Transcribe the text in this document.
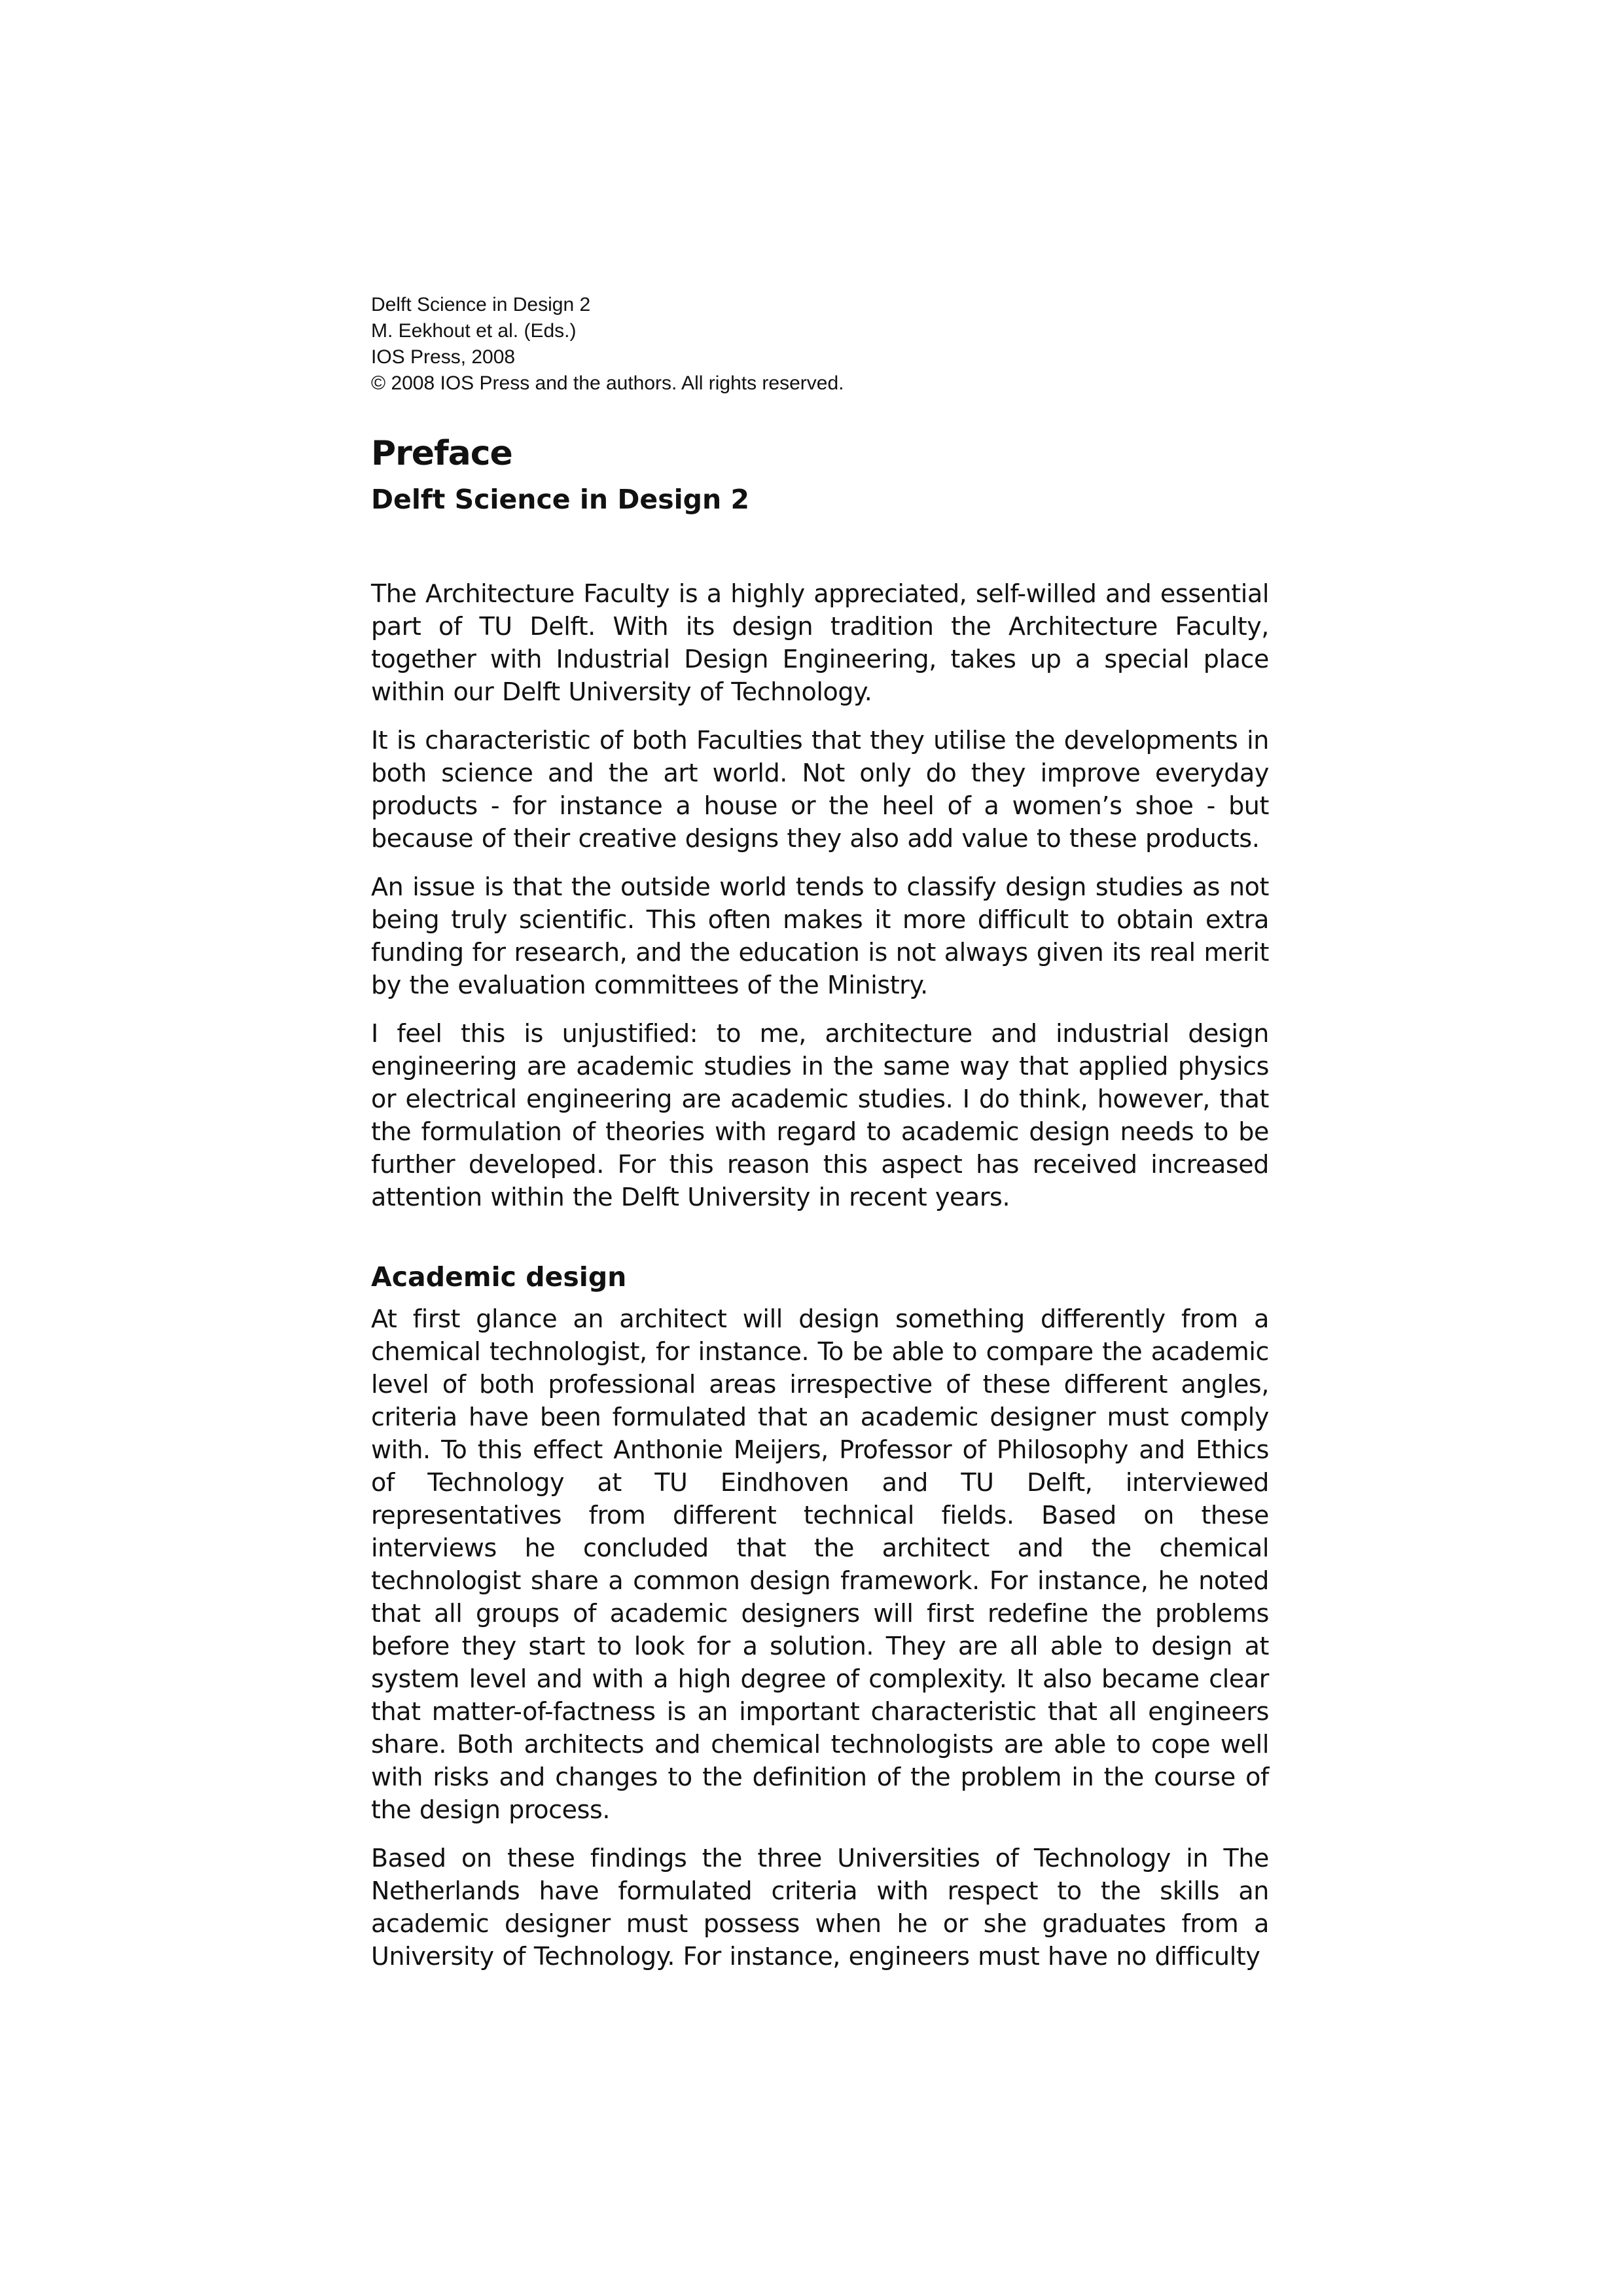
Delft Science in Design 2
M. Eekhout et al. (Eds.)
IOS Press, 2008
© 2008 IOS Press and the authors. All rights reserved.
Preface
Delft Science in Design 2

The Architecture Faculty is a highly appreciated, self-willed and essential part of TU Delft. With its design tradition the Architecture Faculty, together with Industrial Design Engineering, takes up a special place within our Delft University of Technology.

It is characteristic of both Faculties that they utilise the developments in both science and the art world. Not only do they improve everyday products - for instance a house or the heel of a women’s shoe - but because of their creative designs they also add value to these products.

An issue is that the outside world tends to classify design studies as not being truly scientific. This often makes it more difficult to obtain extra funding for research, and the education is not always given its real merit by the evaluation committees of the Ministry.

I feel this is unjustified: to me, architecture and industrial design engineering are academic studies in the same way that applied physics or electrical engineering are academic studies. I do think, however, that the formulation of theories with regard to academic design needs to be further developed. For this reason this aspect has received increased attention within the Delft University in recent years.

Academic design

At first glance an architect will design something differently from a chemical technologist, for instance. To be able to compare the academic level of both professional areas irrespective of these different angles, criteria have been formulated that an academic designer must comply with. To this effect Anthonie Meijers, Professor of Philosophy and Ethics of Technology at TU Eindhoven and TU Delft, interviewed representatives from different technical fields. Based on these interviews he concluded that the architect and the chemical technologist share a common design framework. For instance, he noted that all groups of academic designers will first redefine the problems before they start to look for a solution. They are all able to design at system level and with a high degree of complexity. It also became clear that matter-of-factness is an important characteristic that all engineers share. Both architects and chemical technologists are able to cope well with risks and changes to the definition of the problem in the course of the design process.

Based on these findings the three Universities of Technology in The Netherlands have formulated criteria with respect to the skills an academic designer must possess when he or she graduates from a University of Technology. For instance, engineers must have no difficulty
